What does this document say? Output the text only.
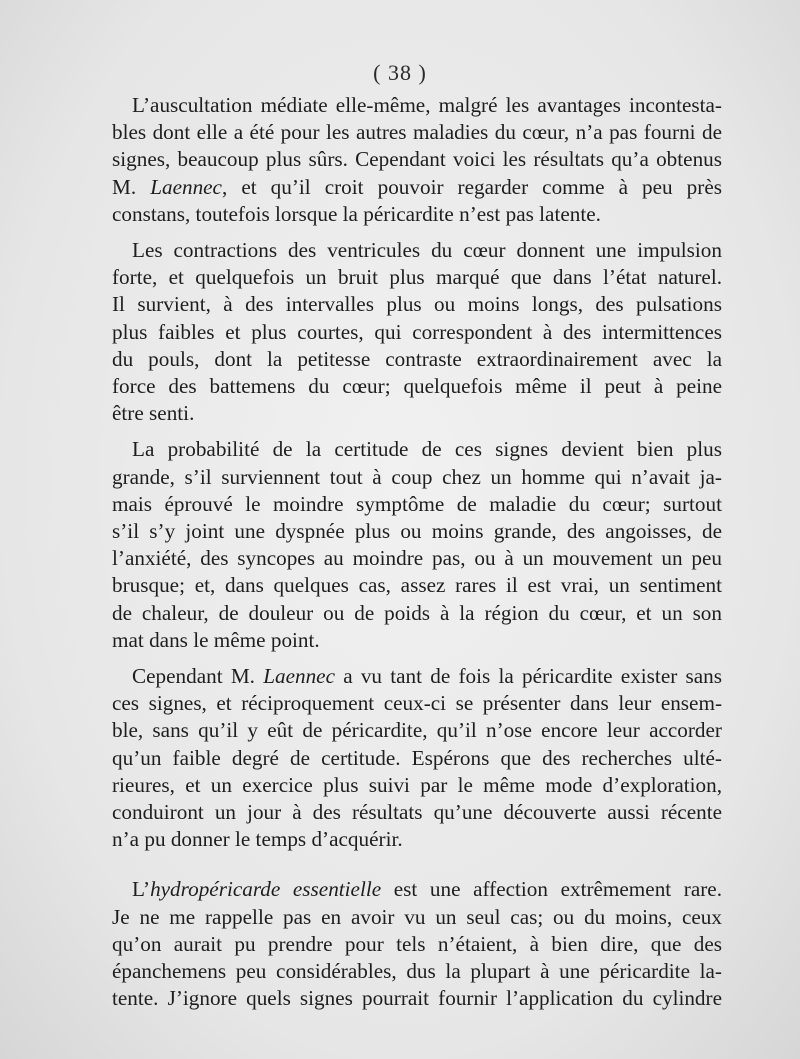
( 38 )

L’auscultation médiate elle-même, malgré les avantages incontesta-
bles dont elle a été pour les autres maladies du cœur, n’a pas fourni de
signes, beaucoup plus sûrs. Cependant voici les résultats qu’a obtenus
M. Laennec, et qu’il croit pouvoir regarder comme à peu près
constans, toutefois lorsque la péricardite n’est pas latente.

Les contractions des ventricules du cœur donnent une impulsion
forte, et quelquefois un bruit plus marqué que dans l’état naturel.
Il survient, à des intervalles plus ou moins longs, des pulsations
plus faibles et plus courtes, qui correspondent à des intermittences
du pouls, dont la petitesse contraste extraordinairement avec la
force des battemens du cœur; quelquefois même il peut à peine
être senti.

La probabilité de la certitude de ces signes devient bien plus
grande, s’il surviennent tout à coup chez un homme qui n’avait ja-
mais éprouvé le moindre symptôme de maladie du cœur; surtout
s’il s’y joint une dyspnée plus ou moins grande, des angoisses, de
l’anxiété, des syncopes au moindre pas, ou à un mouvement un peu
brusque; et, dans quelques cas, assez rares il est vrai, un sentiment
de chaleur, de douleur ou de poids à la région du cœur, et un son
mat dans le même point.

Cependant M. Laennec a vu tant de fois la péricardite exister sans
ces signes, et réciproquement ceux-ci se présenter dans leur ensem-
ble, sans qu’il y eût de péricardite, qu’il n’ose encore leur accorder
qu’un faible degré de certitude. Espérons que des recherches ulté-
rieures, et un exercice plus suivi par le même mode d’exploration,
conduiront un jour à des résultats qu’une découverte aussi récente
n’a pu donner le temps d’acquérir.

L’hydropéricarde essentielle est une affection extrêmement rare.
Je ne me rappelle pas en avoir vu un seul cas; ou du moins, ceux
qu’on aurait pu prendre pour tels n’étaient, à bien dire, que des
épanchemens peu considérables, dus la plupart à une péricardite la-
tente. J’ignore quels signes pourrait fournir l’application du cylindre
